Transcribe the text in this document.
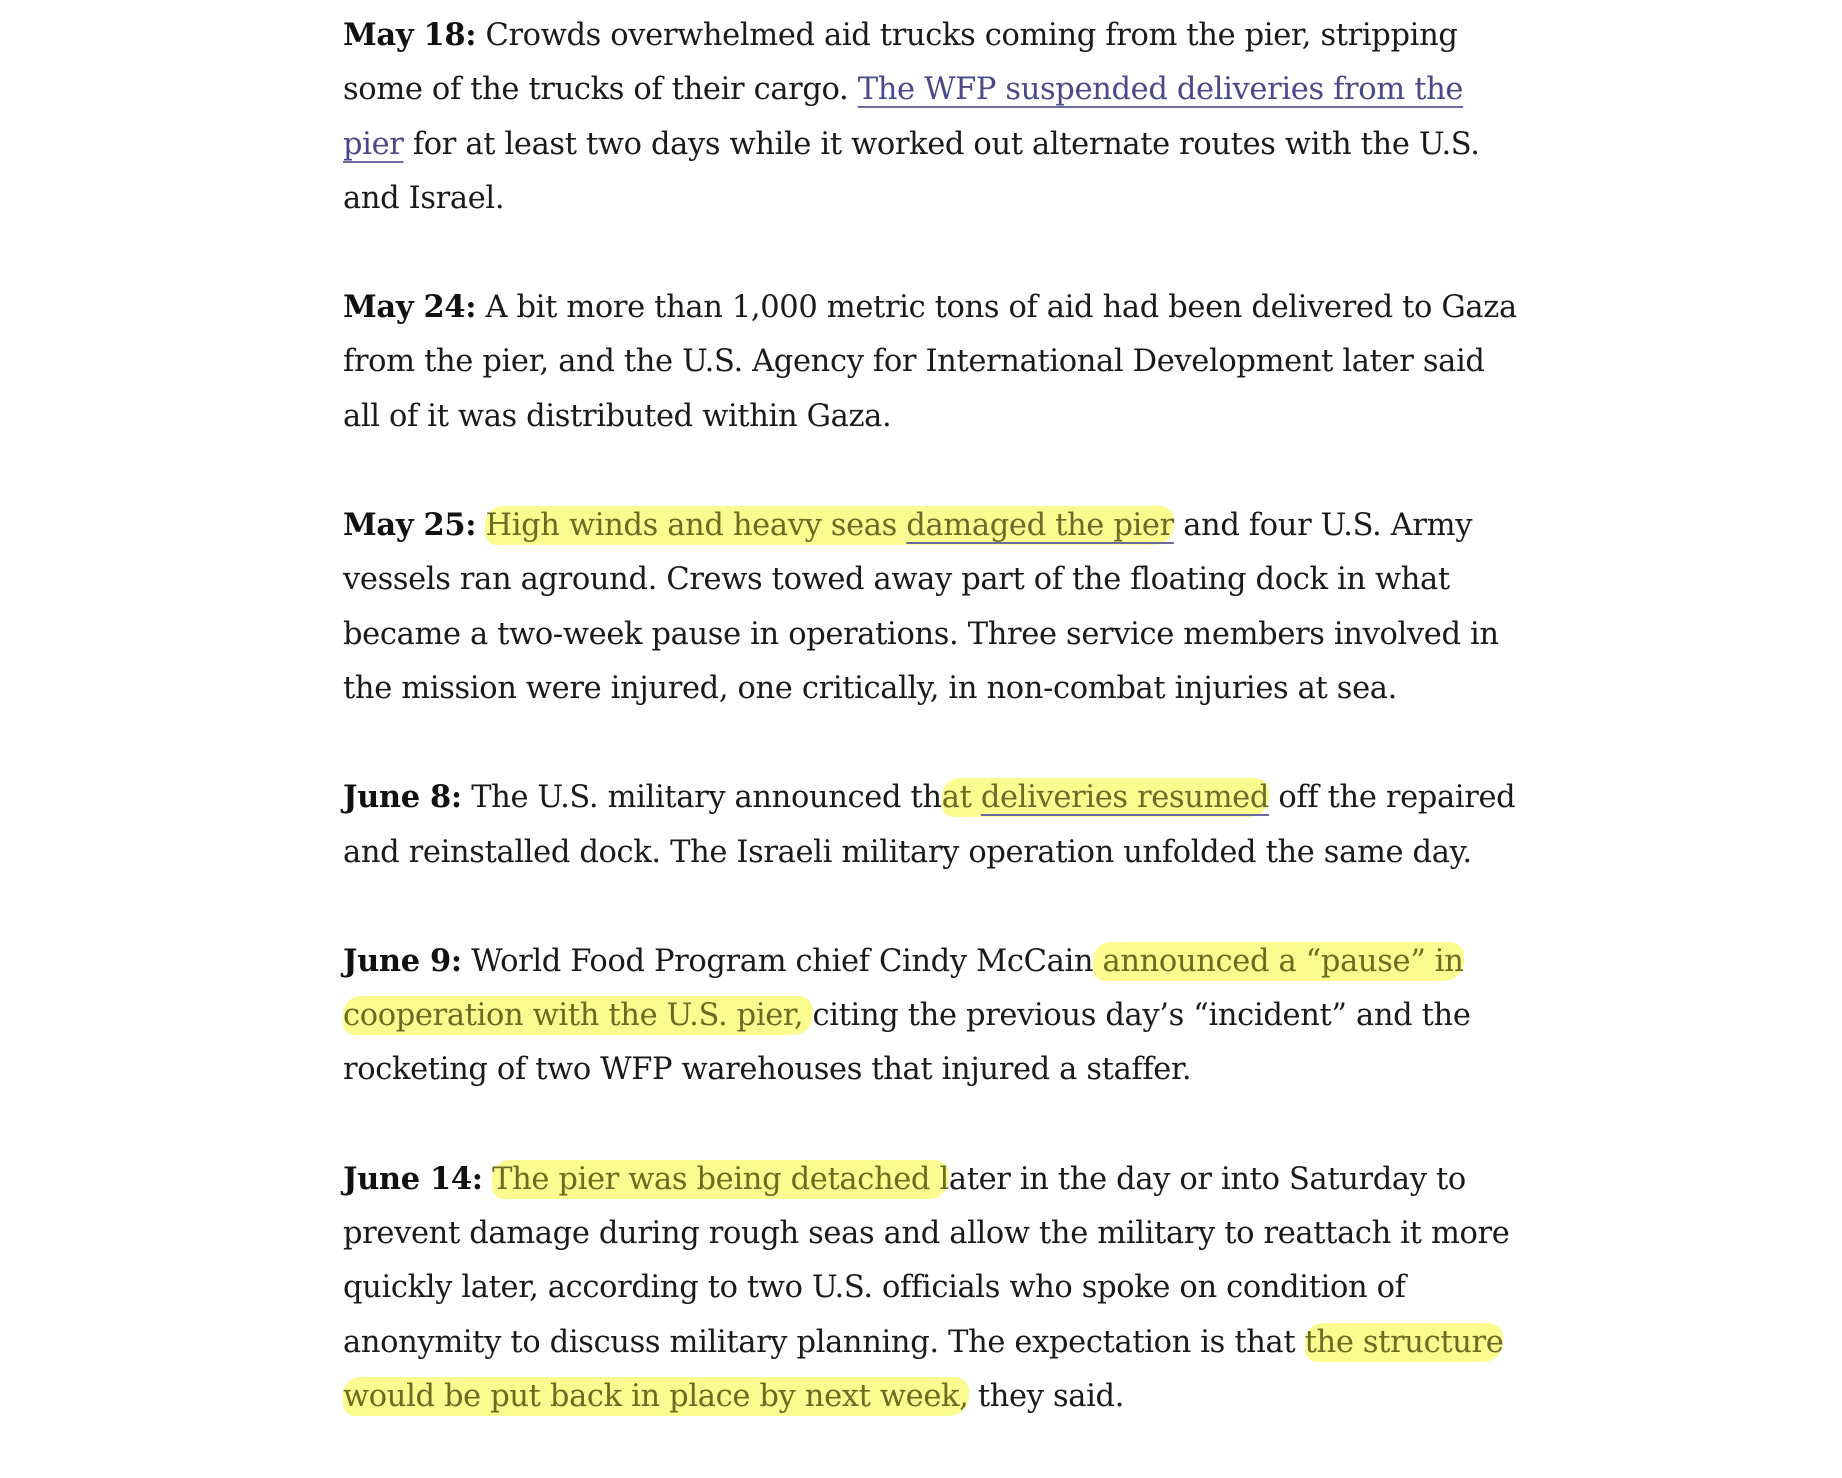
May 18: Crowds overwhelmed aid trucks coming from the pier, stripping some of the trucks of their cargo. The WFP suspended deliveries from the pier for at least two days while it worked out alternate routes with the U.S. and Israel.

May 24: A bit more than 1,000 metric tons of aid had been delivered to Gaza from the pier, and the U.S. Agency for International Development later said all of it was distributed within Gaza.

May 25: High winds and heavy seas damaged the pier and four U.S. Army vessels ran aground. Crews towed away part of the floating dock in what became a two-week pause in operations. Three service members involved in the mission were injured, one critically, in non-combat injuries at sea.

June 8: The U.S. military announced that deliveries resumed off the repaired and reinstalled dock. The Israeli military operation unfolded the same day.

June 9: World Food Program chief Cindy McCain announced a “pause” in cooperation with the U.S. pier, citing the previous day’s “incident” and the rocketing of two WFP warehouses that injured a staffer.

June 14: The pier was being detached later in the day or into Saturday to prevent damage during rough seas and allow the military to reattach it more quickly later, according to two U.S. officials who spoke on condition of anonymity to discuss military planning. The expectation is that the structure would be put back in place by next week, they said.
